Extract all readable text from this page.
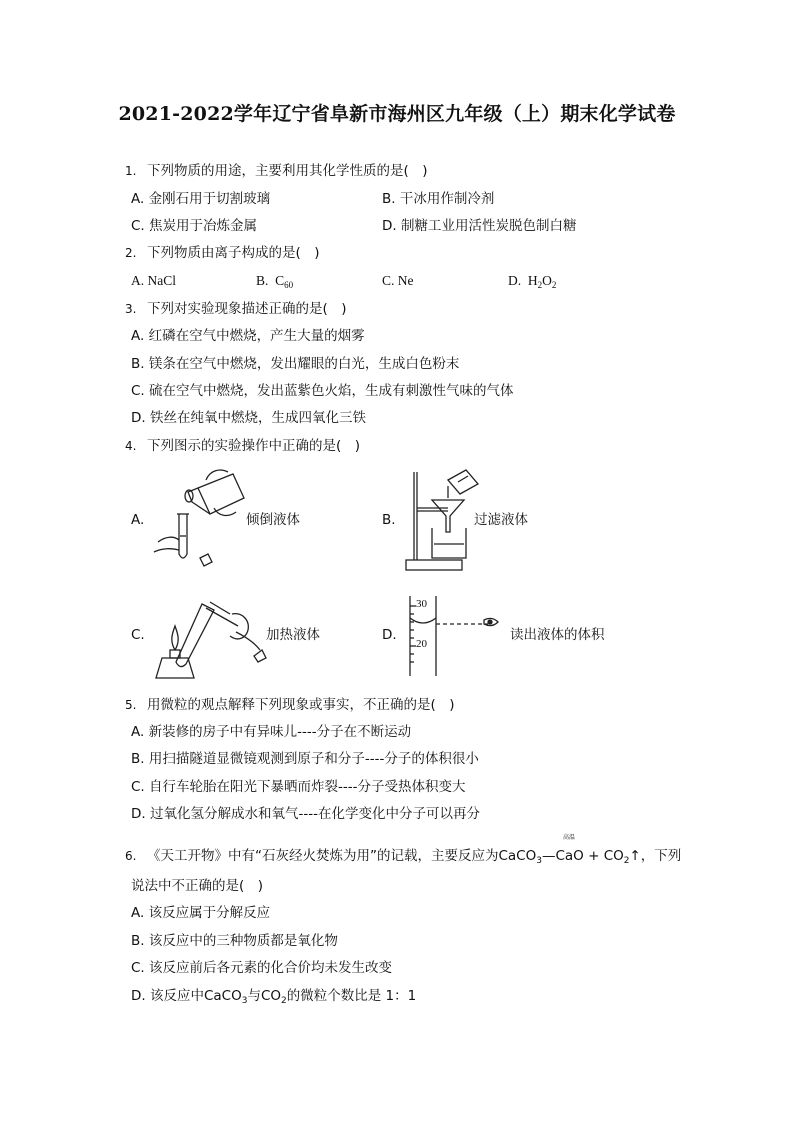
2021-2022学年辽宁省阜新市海州区九年级（上）期末化学试卷
1. 下列物质的用途，主要利用其化学性质的是(　)
A. 金刚石用于切割玻璃	B. 干冰用作制冷剂
C. 焦炭用于冶炼金属	D. 制糖工业用活性炭脱色制白糖
2. 下列物质由离子构成的是(　)
A. NaCl	B. $C_{60}$	C. Ne	D. $H_2O_2$
3. 下列对实验现象描述正确的是(　)
A. 红磷在空气中燃烧，产生大量的烟雾
B. 镁条在空气中燃烧，发出耀眼的白光，生成白色粉末
C. 硫在空气中燃烧，发出蓝紫色火焰，生成有刺激性气味的气体
D. 铁丝在纯氧中燃烧，生成四氧化三铁
4. 下列图示的实验操作中正确的是(　)
A.	倾倒液体	B.	过滤液体
C.	加热液体	D.
30
20
读出液体的体积
5. 用微粒的观点解释下列现象或事实，不正确的是(　)
A. 新装修的房子中有异味儿----分子在不断运动
B. 用扫描隧道显微镜观测到原子和分子----分子的体积很小
C. 自行车轮胎在阳光下暴晒而炸裂----分子受热体积变大
D. 过氧化氢分解成水和氧气----在化学变化中分子可以再分
高温
6. 《天工开物》中有“石灰经火焚炼为用”的记载，主要反应为CaCO$_3$—CaO + $CO_2↑$，下列
说法中不正确的是(　)
A. 该反应属于分解反应
B. 该反应中的三种物质都是氧化物
C. 该反应前后各元素的化合价均未发生改变
D. 该反应中CaCO$_3$与$CO_2$的微粒个数比是 1：1
